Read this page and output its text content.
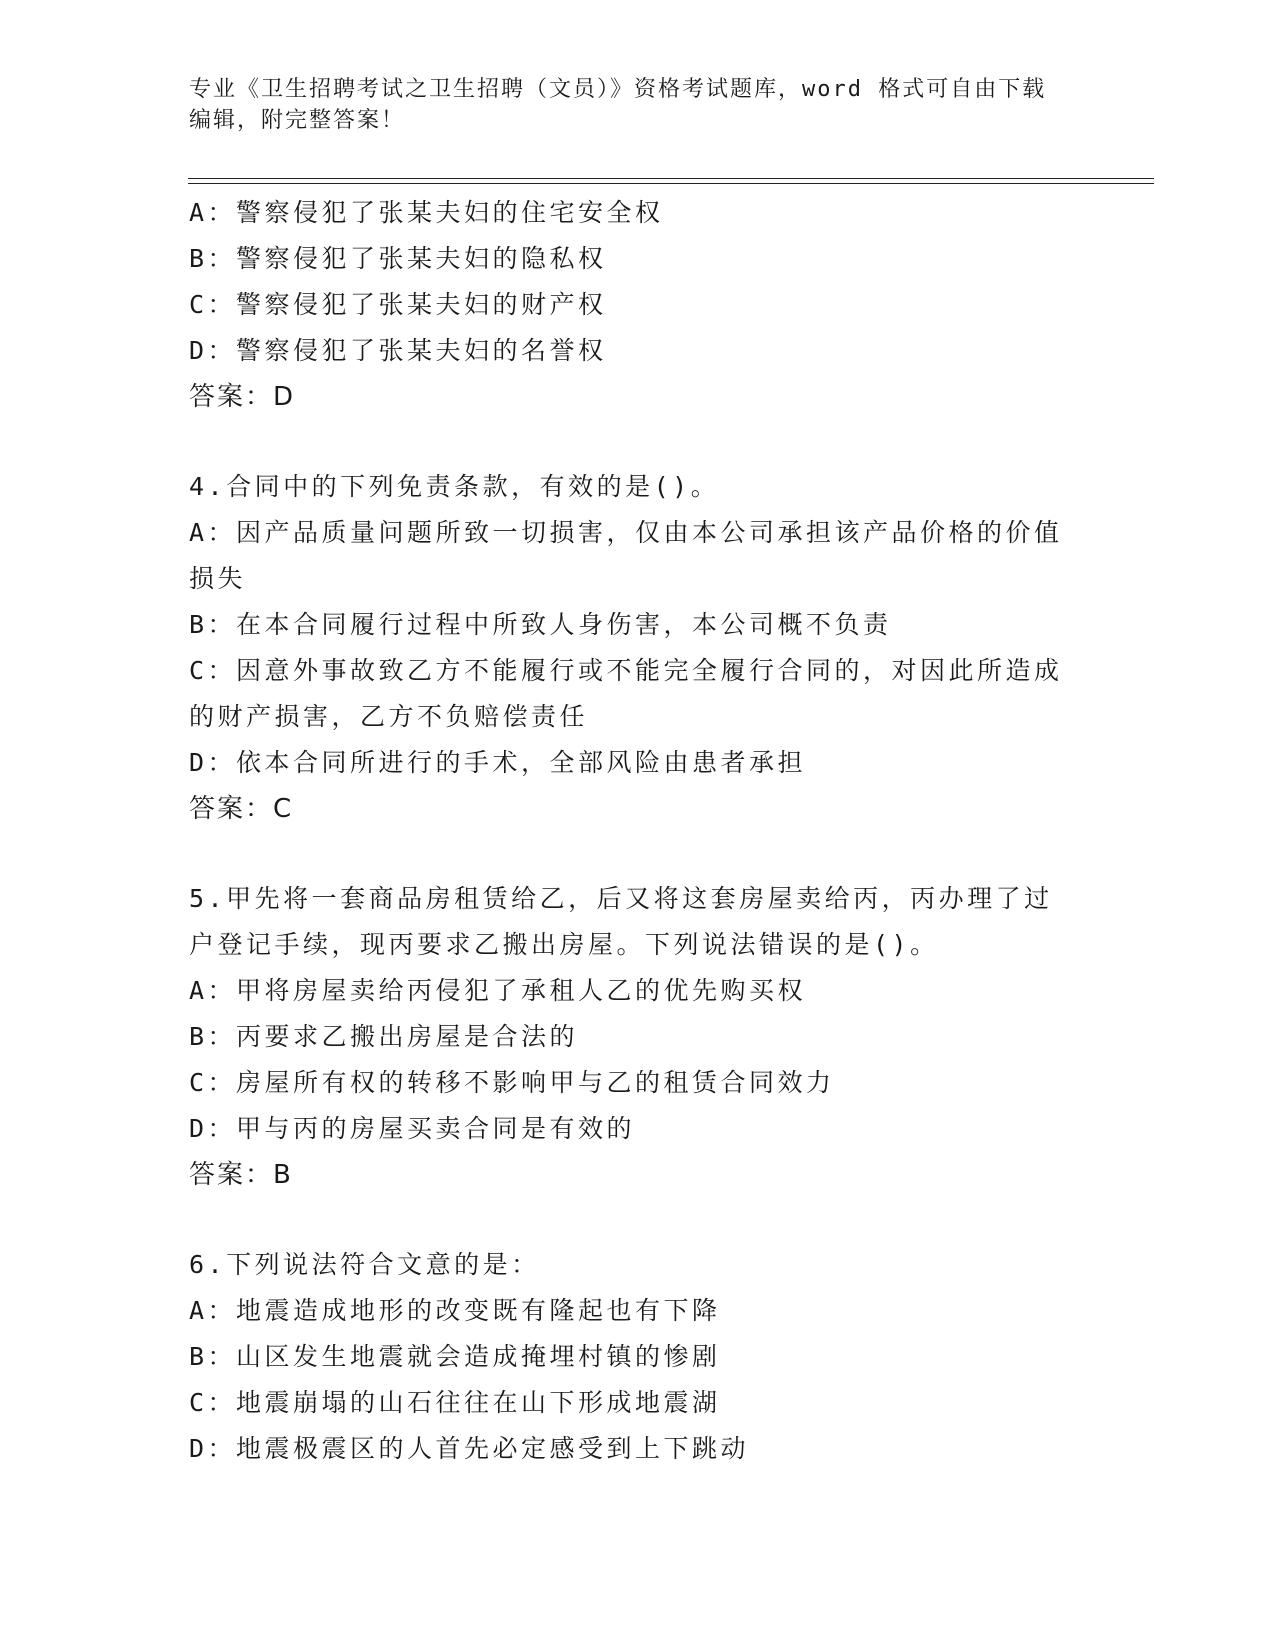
专业《卫生招聘考试之卫生招聘（文员）》资格考试题库，word 格式可自由下载
编辑，附完整答案！
A：警察侵犯了张某夫妇的住宅安全权
B：警察侵犯了张某夫妇的隐私权
C：警察侵犯了张某夫妇的财产权
D：警察侵犯了张某夫妇的名誉权
答案：D
4.合同中的下列免责条款，有效的是()。
A：因产品质量问题所致一切损害，仅由本公司承担该产品价格的价值
损失
B：在本合同履行过程中所致人身伤害，本公司概不负责
C：因意外事故致乙方不能履行或不能完全履行合同的，对因此所造成
的财产损害，乙方不负赔偿责任
D：依本合同所进行的手术，全部风险由患者承担
答案：C
5.甲先将一套商品房租赁给乙，后又将这套房屋卖给丙，丙办理了过
户登记手续，现丙要求乙搬出房屋。下列说法错误的是()。
A：甲将房屋卖给丙侵犯了承租人乙的优先购买权
B：丙要求乙搬出房屋是合法的
C：房屋所有权的转移不影响甲与乙的租赁合同效力
D：甲与丙的房屋买卖合同是有效的
答案：B
6.下列说法符合文意的是：
A：地震造成地形的改变既有隆起也有下降
B：山区发生地震就会造成掩埋村镇的惨剧
C：地震崩塌的山石往往在山下形成地震湖
D：地震极震区的人首先必定感受到上下跳动
